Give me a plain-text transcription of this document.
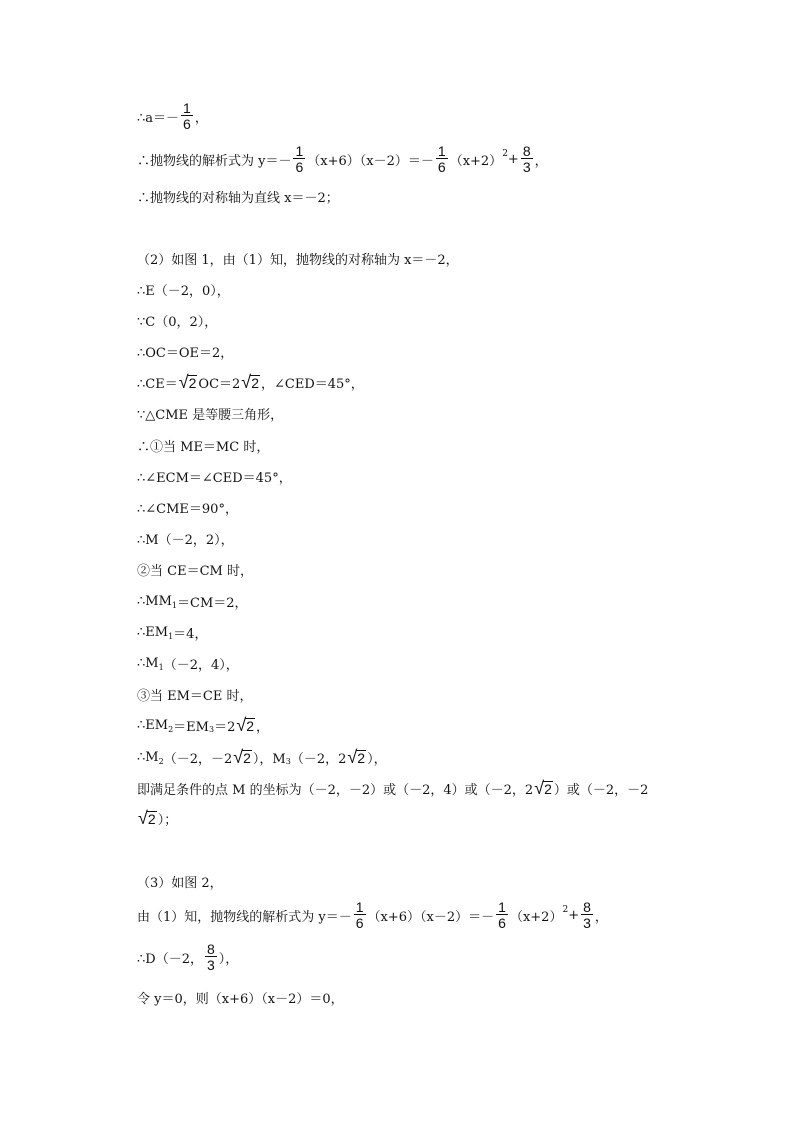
∴a＝－ $\frac{1}{6}$ ，
∴抛物线的解析式为 $y=- \frac{1}{6} (x+6)(x-2)=- \frac{1}{6} (x+2) 2 + \frac{8}{3}$ ，
∴抛物线的对称轴为直线 x＝－2；
（2）如图 1，由（1）知，抛物线的对称轴为 x＝－2，
∴E（－2，0），
∵C（0，2），
∴OC＝OE＝2，
∴CE＝ √ 2 OC＝2 √ 2 ，∠CED＝45°，
∵△CME 是等腰三角形，
∴①当 ME＝MC 时，
∴∠ECM＝∠CED＝45°，
∴∠CME＝90°，
∴M（－2，2），
②当 CE＝CM 时，
∴MM 1 ＝CM＝2，
∴EM 1 ＝4，
∴M 1 （－2，4），
③当 EM＝CE 时，
∴EM 2 ＝EM 3 ＝2 √ 2 ，
∴M 2 （－2，－2 √ 2 ），M 3 （－2，2 √ 2 ），
即满足条件的点 M 的坐标为（－2，－2）或（－2，4）或（－2，2 √ 2 ）或（－2，－2
√ 2 ）；
（3）如图 2，
由（1）知，抛物线的解析式为 $y=- \frac{1}{6} (x+6)(x-2)=- \frac{1}{6} (x+2) 2 + \frac{8}{3}$ ，
∴D（－2， $\frac{8}{3}$ ），
令 y＝0，则（x+6）（x－2）＝0，
